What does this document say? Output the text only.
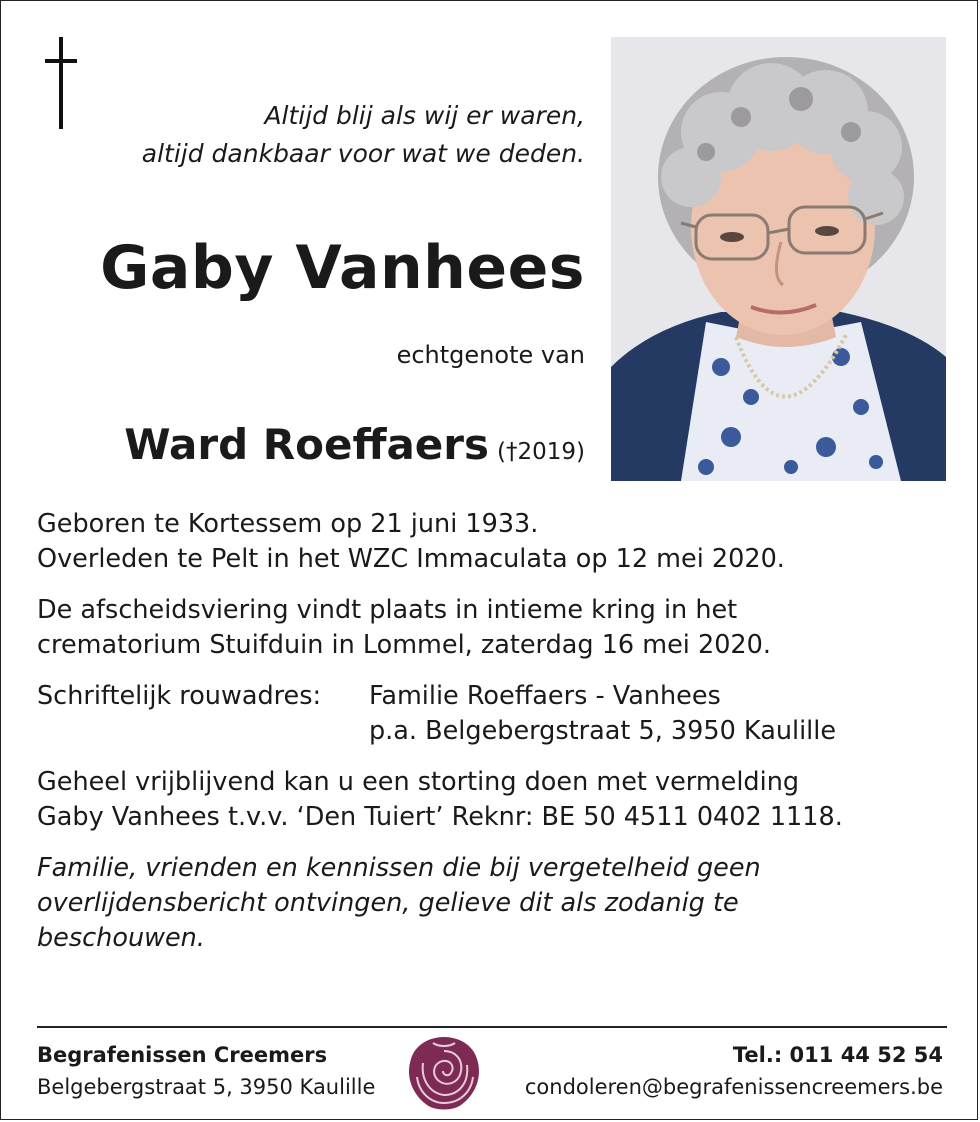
Altijd blij als wij er waren,
altijd dankbaar voor wat we deden.
Gaby Vanhees
echtgenote van
Ward Roeffaers (†2019)

Geboren te Kortessem op 21 juni 1933.
Overleden te Pelt in het WZC Immaculata op 12 mei 2020.

De afscheidsviering vindt plaats in intieme kring in het
crematorium Stuifduin in Lommel, zaterdag 16 mei 2020.

Schriftelijk rouwadres:	Familie Roeffaers - Vanhees
p.a. Belgebergstraat 5, 3950 Kaulille

Geheel vrijblijvend kan u een storting doen met vermelding
Gaby Vanhees t.v.v. ‘Den Tuiert’ Reknr: BE 50 4511 0402 1118.

Familie, vrienden en kennissen die bij vergetelheid geen
overlijdensbericht ontvingen, gelieve dit als zodanig te
beschouwen.

Begrafenissen Creemers
Belgebergstraat 5, 3950 Kaulille
Tel.: 011 44 52 54
condoleren@begrafenissencreemers.be
